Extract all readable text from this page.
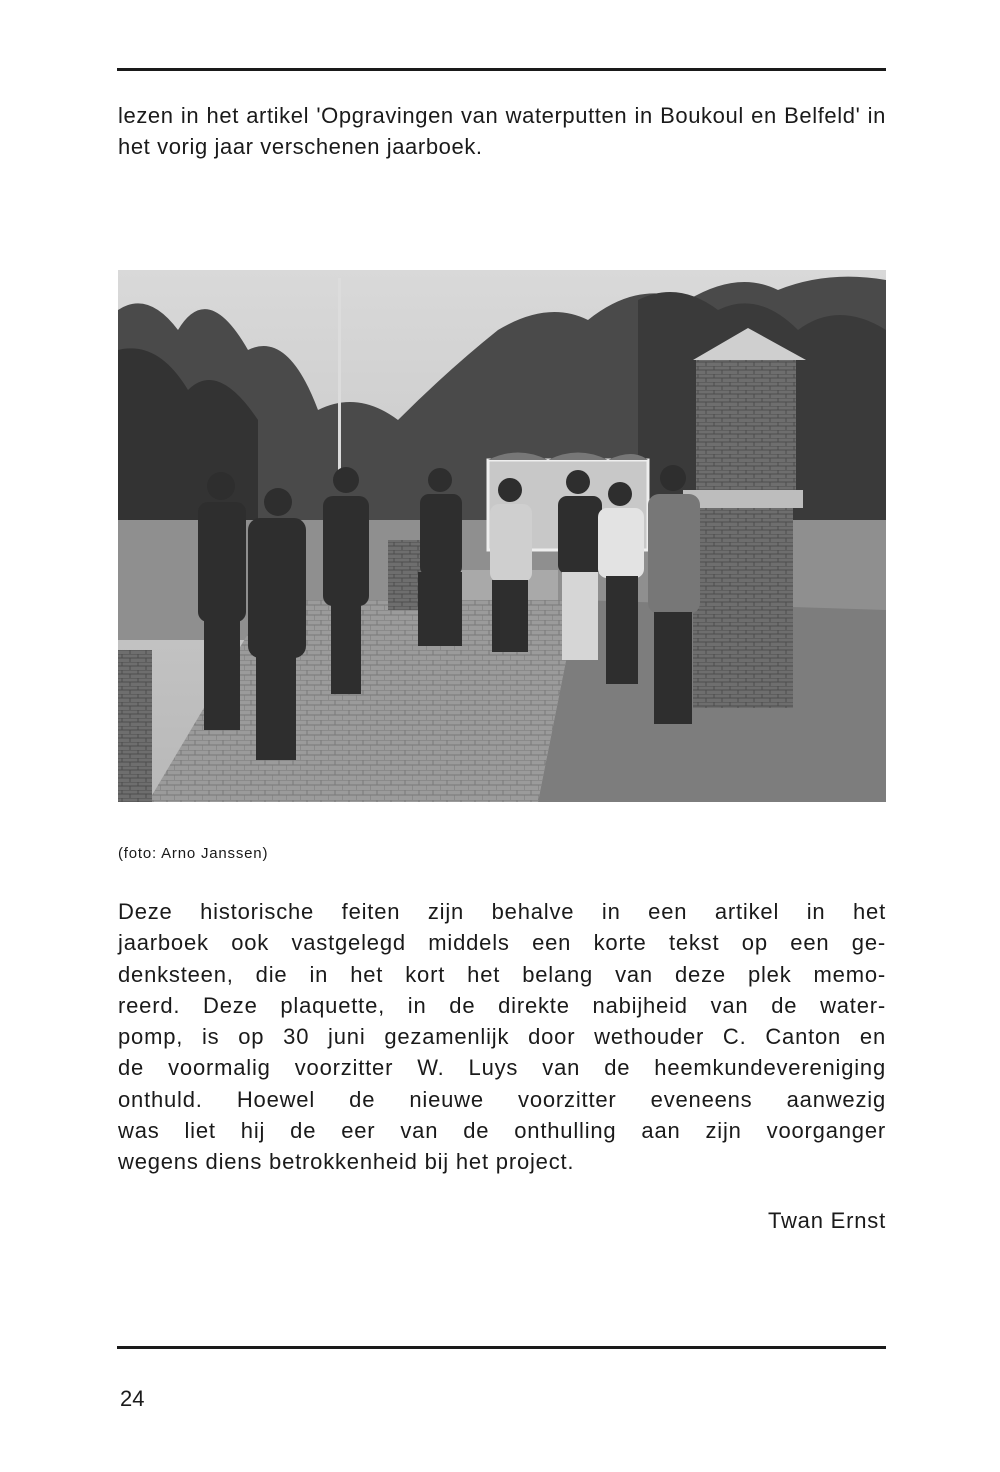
lezen in het artikel 'Opgravingen van waterputten in Boukoul en Belfeld' in het vorig jaar verschenen jaarboek.

(foto: Arno Janssen)
Deze historische feiten zijn behalve in een artikel in het
jaarboek ook vastgelegd middels een korte tekst op een ge-
denksteen, die in het kort het belang van deze plek memo-
reerd. Deze plaquette, in de direkte nabijheid van de water-
pomp, is op 30 juni gezamenlijk door wethouder C. Canton en
de voormalig voorzitter W. Luys van de heemkundevereniging
onthuld. Hoewel de nieuwe voorzitter eveneens aanwezig
was liet hij de eer van de onthulling aan zijn voorganger
wegens diens betrokkenheid bij het project.
Twan Ernst
24
